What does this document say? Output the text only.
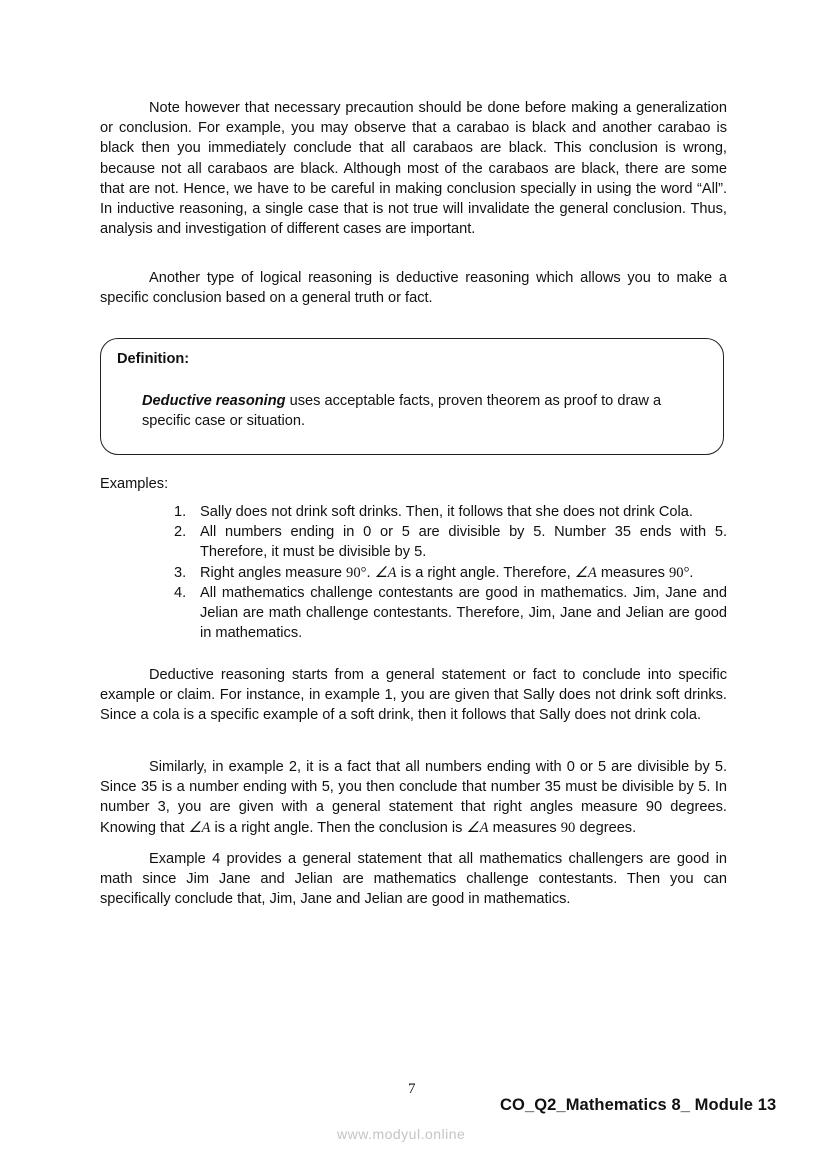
Note however that necessary precaution should be done before making a generalization or conclusion. For example, you may observe that a carabao is black and another carabao is black then you immediately conclude that all carabaos are black. This conclusion is wrong, because not all carabaos are black. Although most of the carabaos are black, there are some that are not. Hence, we have to be careful in making conclusion specially in using the word “All”. In inductive reasoning, a single case that is not true will invalidate the general conclusion. Thus, analysis and investigation of different cases are important.

Another type of logical reasoning is deductive reasoning which allows you to make a specific conclusion based on a general truth or fact.

Definition:
Deductive reasoning uses acceptable facts, proven theorem as proof to draw a specific case or situation.
Examples:
1. Sally does not drink soft drinks. Then, it follows that she does not drink Cola.
2. All numbers ending in 0 or 5 are divisible by 5. Number 35 ends with 5. Therefore, it must be divisible by 5.
3. Right angles measure 90°. ∠A is a right angle. Therefore, ∠A measures 90°.
4. All mathematics challenge contestants are good in mathematics. Jim, Jane and Jelian are math challenge contestants. Therefore, Jim, Jane and Jelian are good in mathematics.

Deductive reasoning starts from a general statement or fact to conclude into specific example or claim. For instance, in example 1, you are given that Sally does not drink soft drinks. Since a cola is a specific example of a soft drink, then it follows that Sally does not drink cola.

Similarly, in example 2, it is a fact that all numbers ending with 0 or 5 are divisible by 5. Since 35 is a number ending with 5, you then conclude that number 35 must be divisible by 5. In number 3, you are given with a general statement that right angles measure 90 degrees. Knowing that ∠A is a right angle. Then the conclusion is ∠A measures 90 degrees.

Example 4 provides a general statement that all mathematics challengers are good in math since Jim Jane and Jelian are mathematics challenge contestants. Then you can specifically conclude that, Jim, Jane and Jelian are good in mathematics.

7
CO_Q2_Mathematics 8_ Module 13
www.modyul.online
